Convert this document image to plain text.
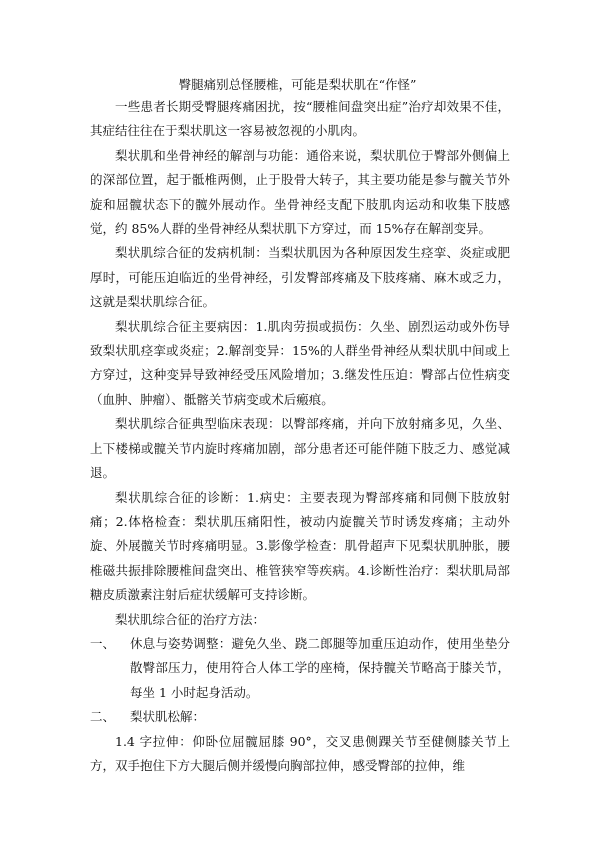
臀腿痛别总怪腰椎，可能是梨状肌在“作怪”

一些患者长期受臀腿疼痛困扰，按“腰椎间盘突出症”治疗却效果不佳，其症结往往在于梨状肌这一容易被忽视的小肌肉。

梨状肌和坐骨神经的解剖与功能：通俗来说，梨状肌位于臀部外侧偏上的深部位置，起于骶椎两侧，止于股骨大转子，其主要功能是参与髋关节外旋和屈髋状态下的髋外展动作。坐骨神经支配下肢肌肉运动和收集下肢感觉，约 85%人群的坐骨神经从梨状肌下方穿过，而 15%存在解剖变异。

梨状肌综合征的发病机制：当梨状肌因为各种原因发生痉挛、炎症或肥厚时，可能压迫临近的坐骨神经，引发臀部疼痛及下肢疼痛、麻木或乏力，这就是梨状肌综合征。

梨状肌综合征主要病因：1.肌肉劳损或损伤：久坐、剧烈运动或外伤导致梨状肌痉挛或炎症；2.解剖变异：15%的人群坐骨神经从梨状肌中间或上方穿过，这种变异导致神经受压风险增加；3.继发性压迫：臀部占位性病变（血肿、肿瘤）、骶髂关节病变或术后瘢痕。

梨状肌综合征典型临床表现：以臀部疼痛，并向下放射痛多见，久坐、上下楼梯或髋关节内旋时疼痛加剧，部分患者还可能伴随下肢乏力、感觉减退。

梨状肌综合征的诊断：1.病史：主要表现为臀部疼痛和同侧下肢放射痛；2.体格检查：梨状肌压痛阳性，被动内旋髋关节时诱发疼痛；主动外旋、外展髋关节时疼痛明显。3.影像学检查：肌骨超声下见梨状肌肿胀，腰椎磁共振排除腰椎间盘突出、椎管狭窄等疾病。4.诊断性治疗：梨状肌局部糖皮质激素注射后症状缓解可支持诊断。

梨状肌综合征的治疗方法：

一、	休息与姿势调整：避免久坐、跷二郎腿等加重压迫动作，使用坐垫分散臀部压力，使用符合人体工学的座椅，保持髋关节略高于膝关节，每坐 1 小时起身活动。
二、	梨状肌松解：

1.4 字拉伸：仰卧位屈髋屈膝 90°，交叉患侧踝关节至健侧膝关节上方，双手抱住下方大腿后侧并缓慢向胸部拉伸，感受臀部的拉伸，维
